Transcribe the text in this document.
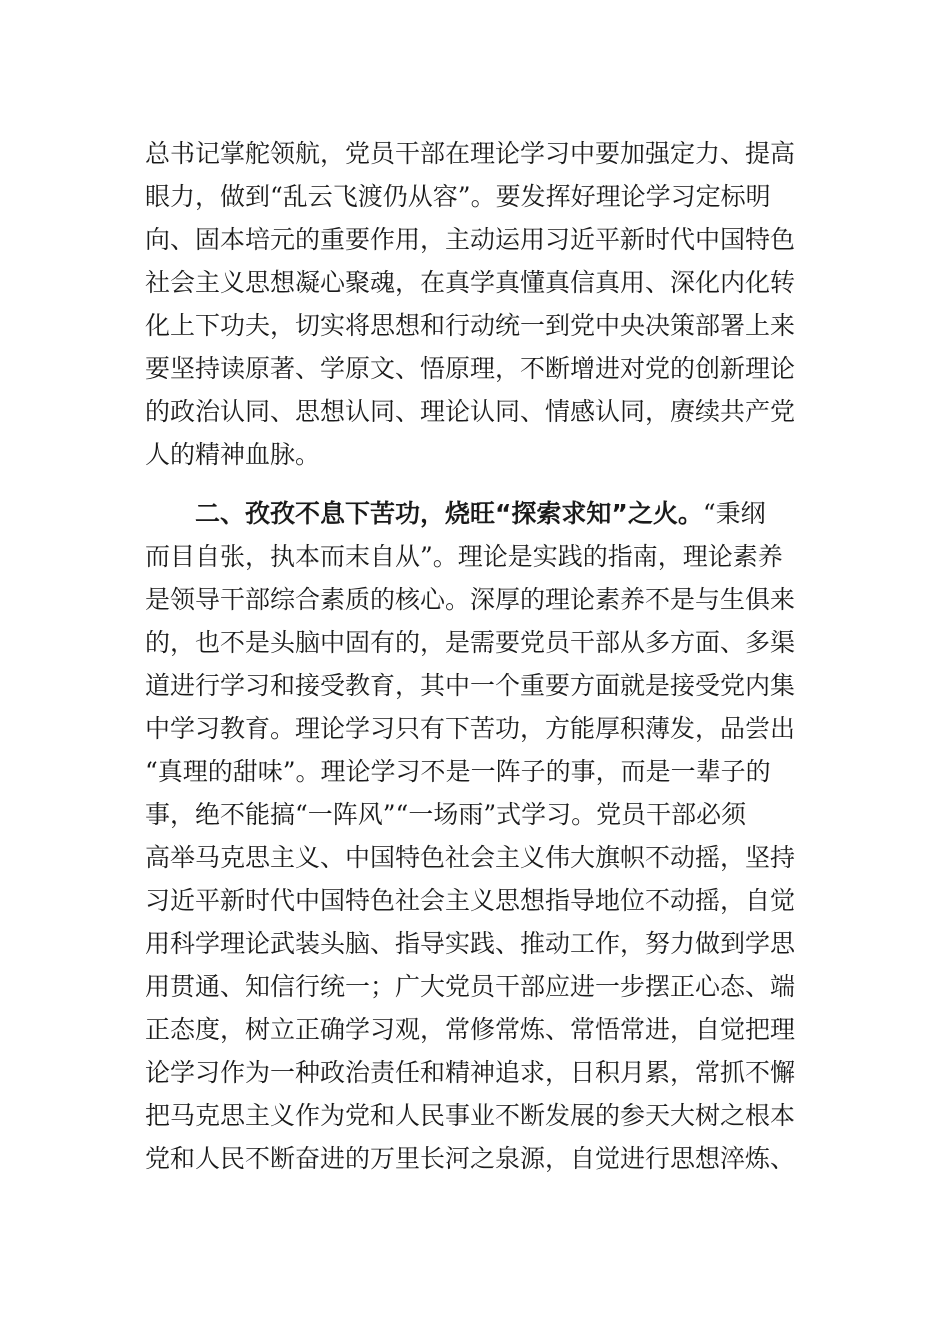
总书记掌舵领航，党员干部在理论学习中要加强定力、提高
眼力，做到“乱云飞渡仍从容”。要发挥好理论学习定标明
向、固本培元的重要作用，主动运用习近平新时代中国特色
社会主义思想凝心聚魂，在真学真懂真信真用、深化内化转
化上下功夫，切实将思想和行动统一到党中央决策部署上来
要坚持读原著、学原文、悟原理，不断增进对党的创新理论
的政治认同、思想认同、理论认同、情感认同，赓续共产党
人的精神血脉。
二、孜孜不息下苦功，烧旺“探索求知”之火。“秉纲
而目自张，执本而末自从”。理论是实践的指南，理论素养
是领导干部综合素质的核心。深厚的理论素养不是与生俱来
的，也不是头脑中固有的，是需要党员干部从多方面、多渠
道进行学习和接受教育，其中一个重要方面就是接受党内集
中学习教育。理论学习只有下苦功，方能厚积薄发，品尝出
“真理的甜味”。理论学习不是一阵子的事，而是一辈子的
事，绝不能搞“一阵风”“一场雨”式学习。党员干部必须
高举马克思主义、中国特色社会主义伟大旗帜不动摇，坚持
习近平新时代中国特色社会主义思想指导地位不动摇，自觉
用科学理论武装头脑、指导实践、推动工作，努力做到学思
用贯通、知信行统一；广大党员干部应进一步摆正心态、端
正态度，树立正确学习观，常修常炼、常悟常进，自觉把理
论学习作为一种政治责任和精神追求，日积月累，常抓不懈
把马克思主义作为党和人民事业不断发展的参天大树之根本
党和人民不断奋进的万里长河之泉源，自觉进行思想淬炼、
